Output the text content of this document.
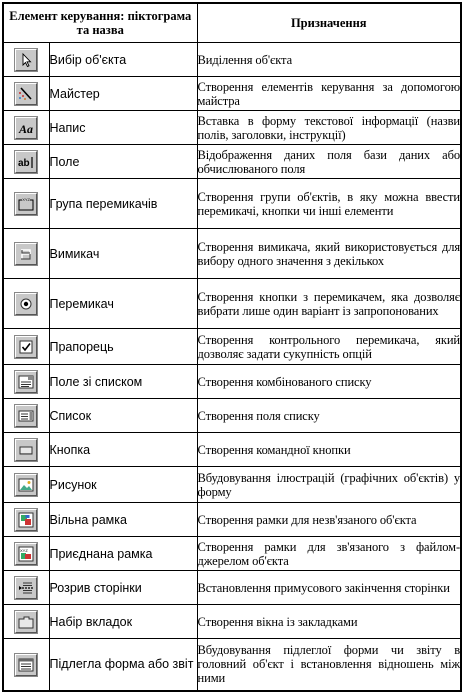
Елемент керування: піктограма та назва		Призначення

	Вибір об'єкта	Виділення об'єкта

	Майстер	Створення елементів керування за допомогою майстра

Aa	Напис	Вставка в форму текстової інформації (назви полів, заголовки, інструкції)

ab	Поле	Відображення даних поля бази даних або обчислюваного поля

XYZ	Група перемикачів	Створення групи об'єктів, в яку можна ввести перемикачі, кнопки чи інші елементи

	Вимикач	Створення вимикача, який використовується для вибору одного значення з декількох

	Перемикач	Створення кнопки з перемикачем, яка дозволяє вибрати лише один варіант із запропонованих

	Прапорець	Створення контрольного перемикача, який дозволяє задати сукупність опцій

	Поле зі списком	Створення комбінованого списку

	Список	Створення поля списку

	Кнопка	Створення командної кнопки

	Рисунок	Вбудовування ілюстрацій (графічних об'єктів) у форму

	Вільна рамка	Створення рамки для незв'язаного об'єкта

XYZ	Приєднана рамка	Створення рамки для зв'язаного з файлом-джерелом об'єкта

	Розрив сторінки	Встановлення примусового закінчення сторінки

	Набір вкладок	Створення вікна із закладками

	Підлегла форма або звіт	Вбудовування підлеглої форми чи звіту в головний об'єкт і встановлення відношень між ними
